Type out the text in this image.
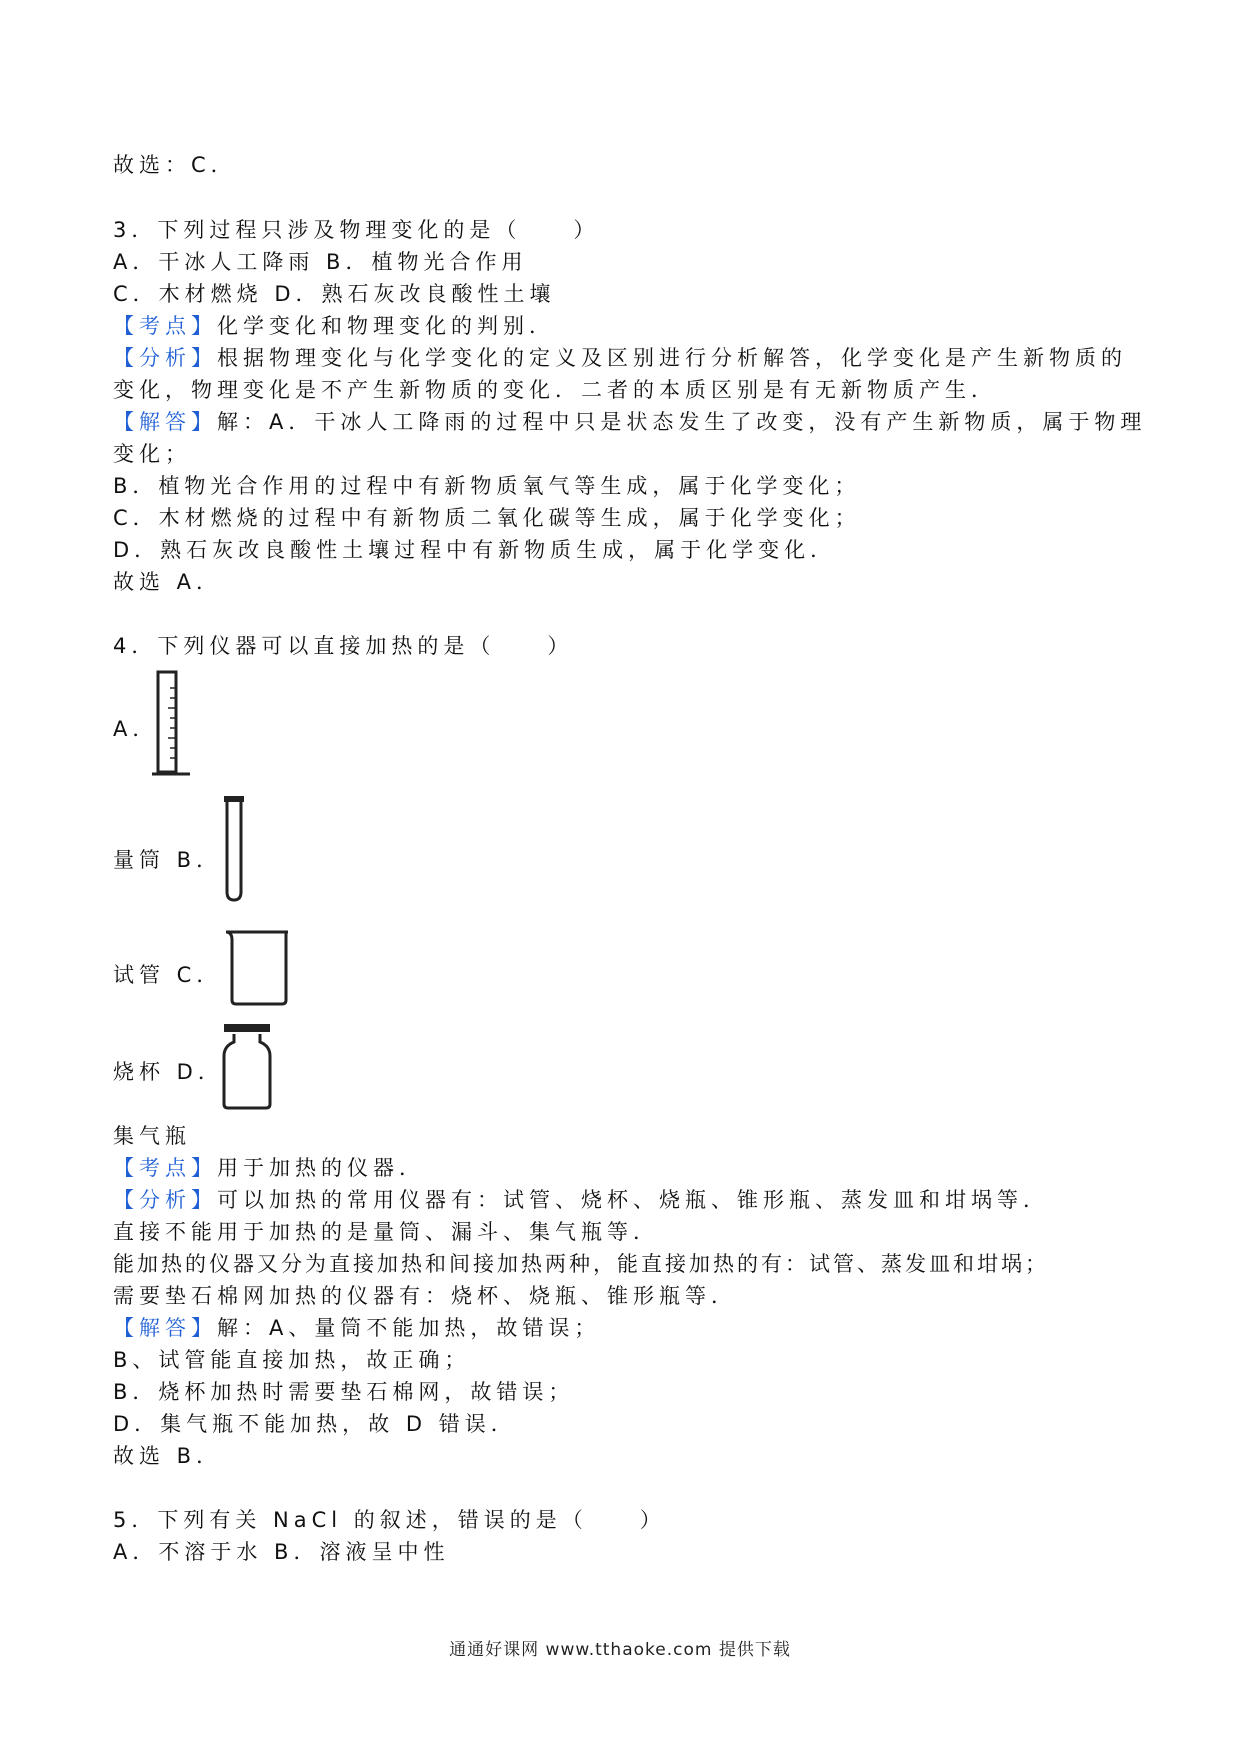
故选：C．
3．下列过程只涉及物理变化的是（　　）
A．干冰人工降雨 B．植物光合作用
C．木材燃烧 D．熟石灰改良酸性土壤
【考点】化学变化和物理变化的判别．
【分析】根据物理变化与化学变化的定义及区别进行分析解答，化学变化是产生新物质的
变化，物理变化是不产生新物质的变化．二者的本质区别是有无新物质产生．
【解答】解：A．干冰人工降雨的过程中只是状态发生了改变，没有产生新物质，属于物理
变化；
B．植物光合作用的过程中有新物质氧气等生成，属于化学变化；
C．木材燃烧的过程中有新物质二氧化碳等生成，属于化学变化；
D．熟石灰改良酸性土壤过程中有新物质生成，属于化学变化．
故选 A．
4．下列仪器可以直接加热的是（　　）
A．
量筒 B．
试管 C．
烧杯 D．
集气瓶
【考点】用于加热的仪器．
【分析】可以加热的常用仪器有：试管、烧杯、烧瓶、锥形瓶、蒸发皿和坩埚等．
直接不能用于加热的是量筒、漏斗、集气瓶等．
能加热的仪器又分为直接加热和间接加热两种，能直接加热的有：试管、蒸发皿和坩埚；
需要垫石棉网加热的仪器有：烧杯、烧瓶、锥形瓶等．
【解答】解：A、量筒不能加热，故错误；
B、试管能直接加热，故正确；
B．烧杯加热时需要垫石棉网，故错误；
D．集气瓶不能加热，故 D 错误．
故选 B．
5．下列有关 NaCl 的叙述，错误的是（　　）
A．不溶于水 B．溶液呈中性
通通好课网 www.tthaoke.com 提供下载
